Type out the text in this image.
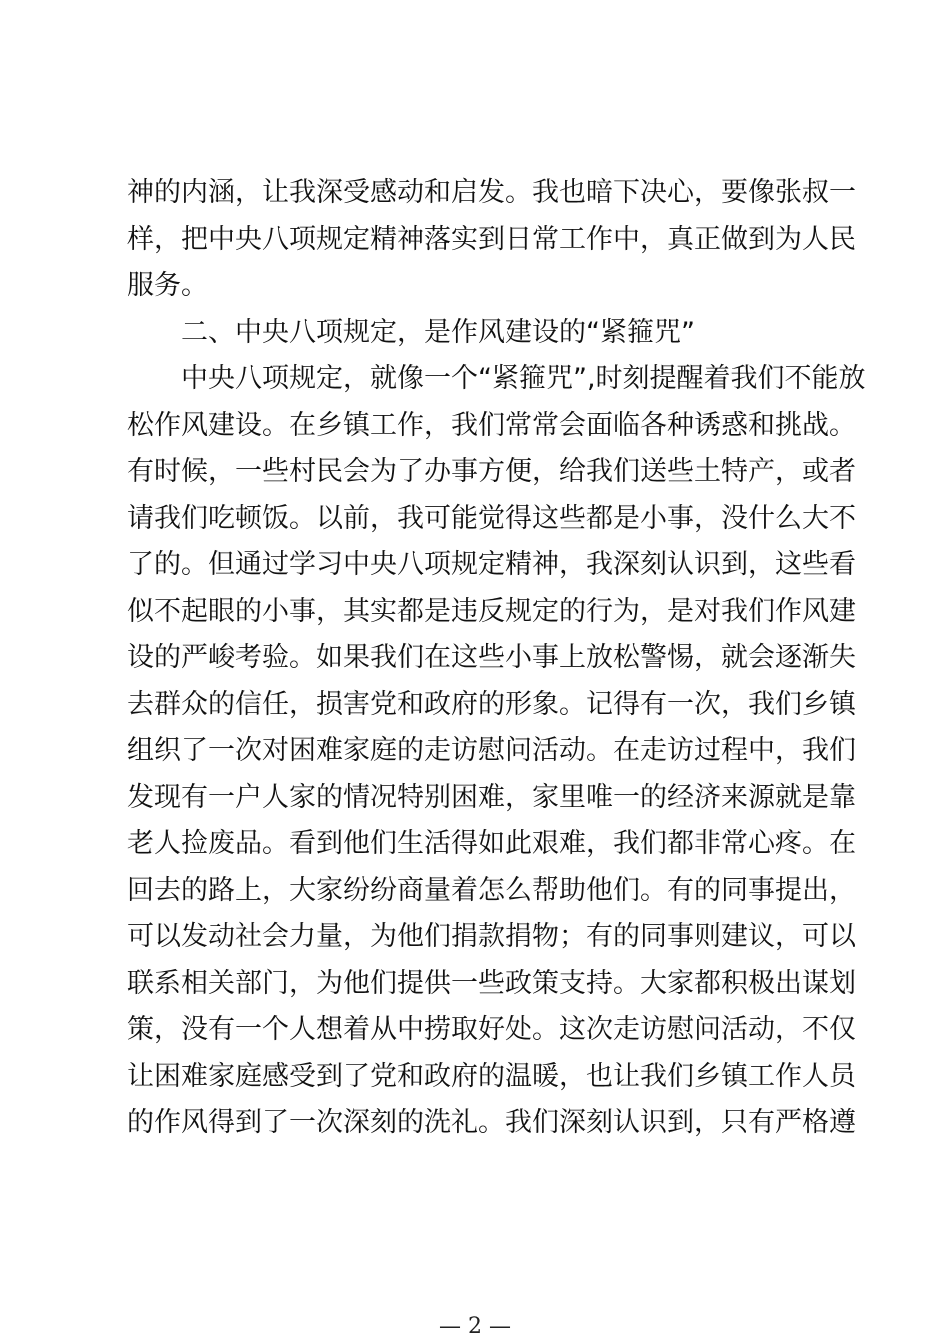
神的内涵，让我深受感动和启发。我也暗下决心，要像张叔一
样，把中央八项规定精神落实到日常工作中，真正做到为人民
服务。
二、中央八项规定，是作风建设的“紧箍咒”
中央八项规定，就像一个“紧箍咒”,时刻提醒着我们不能放
松作风建设。在乡镇工作，我们常常会面临各种诱惑和挑战。
有时候，一些村民会为了办事方便，给我们送些土特产，或者
请我们吃顿饭。以前，我可能觉得这些都是小事，没什么大不
了的。但通过学习中央八项规定精神，我深刻认识到，这些看
似不起眼的小事，其实都是违反规定的行为，是对我们作风建
设的严峻考验。如果我们在这些小事上放松警惕，就会逐渐失
去群众的信任，损害党和政府的形象。记得有一次，我们乡镇
组织了一次对困难家庭的走访慰问活动。在走访过程中，我们
发现有一户人家的情况特别困难，家里唯一的经济来源就是靠
老人捡废品。看到他们生活得如此艰难，我们都非常心疼。在
回去的路上，大家纷纷商量着怎么帮助他们。有的同事提出，
可以发动社会力量，为他们捐款捐物；有的同事则建议，可以
联系相关部门，为他们提供一些政策支持。大家都积极出谋划
策，没有一个人想着从中捞取好处。这次走访慰问活动，不仅
让困难家庭感受到了党和政府的温暖，也让我们乡镇工作人员
的作风得到了一次深刻的洗礼。我们深刻认识到，只有严格遵
— 2 —
